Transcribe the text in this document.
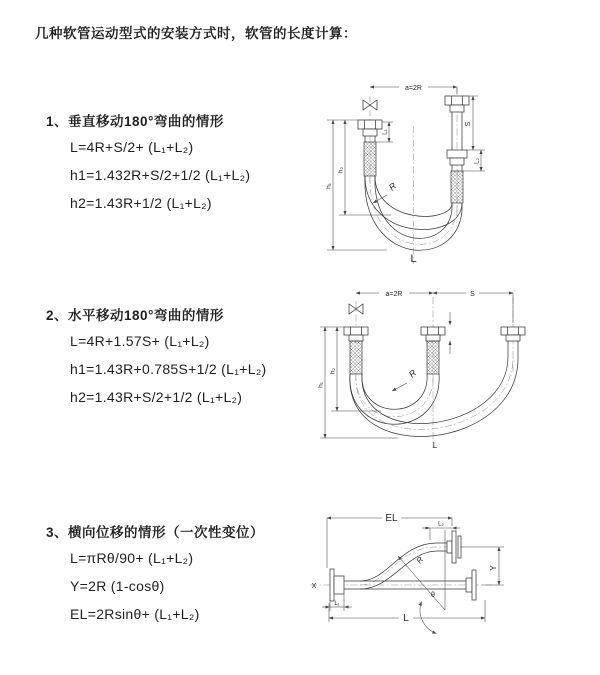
几种软管运动型式的安装方式时，软管的长度计算：
1、垂直移动180°弯曲的情形
L=4R+S/2+ (L₁+L₂)
h1=1.432R+S/2+1/2 (L₁+L₂)
h2=1.43R+1/2 (L₁+L₂)
2、水平移动180°弯曲的情形
L=4R+1.57S+ (L₁+L₂)
h1=1.43R+0.785S+1/2 (L₁+L₂)
h2=1.43R+S/2+1/2 (L₁+L₂)
3、横向位移的情形（一次性变位）
L=πRθ/90+ (L₁+L₂)
Y=2R (1-cosθ)
EL=2Rsinθ+ (L₁+L₂)
a=2R
h₁
h₂
L₁
S
L₂
R
L
a=2R	S
h₁
h₂	R
L
EL
L₂
Y
X
L₁
L
R
θ
